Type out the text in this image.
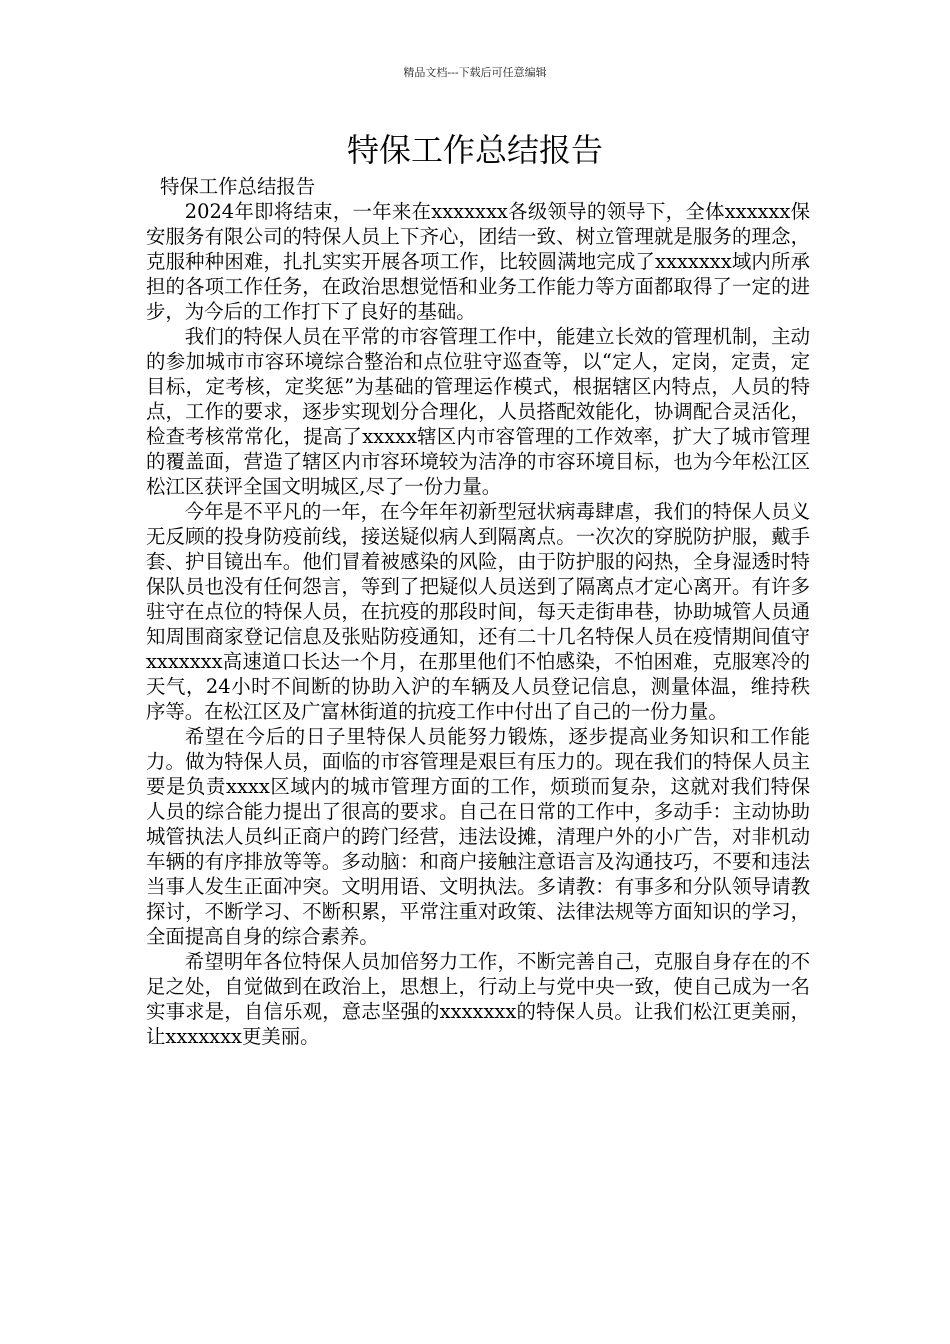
精品文档---下载后可任意编辑
特保工作总结报告

特保工作总结报告

2024年即将结束，一年来在xxxxxxx各级领导的领导下，全体xxxxxx保安服务有限公司的特保人员上下齐心，团结一致、树立管理就是服务的理念，克服种种困难，扎扎实实开展各项工作，比较圆满地完成了xxxxxxx域内所承担的各项工作任务，在政治思想觉悟和业务工作能力等方面都取得了一定的进步，为今后的工作打下了良好的基础。

我们的特保人员在平常的市容管理工作中，能建立长效的管理机制，主动的参加城市市容环境综合整治和点位驻守巡查等，以“定人，定岗，定责，定目标，定考核，定奖惩”为基础的管理运作模式，根据辖区内特点，人员的特点，工作的要求，逐步实现划分合理化，人员搭配效能化，协调配合灵活化，检查考核常常化，提高了xxxxx辖区内市容管理的工作效率，扩大了城市管理的覆盖面，营造了辖区内市容环境较为洁净的市容环境目标，也为今年松江区松江区获评全国文明城区,尽了一份力量。

今年是不平凡的一年，在今年年初新型冠状病毒肆虐，我们的特保人员义无反顾的投身防疫前线，接送疑似病人到隔离点。一次次的穿脱防护服，戴手套、护目镜出车。他们冒着被感染的风险，由于防护服的闷热，全身湿透时特保队员也没有任何怨言，等到了把疑似人员送到了隔离点才定心离开。有许多驻守在点位的特保人员，在抗疫的那段时间，每天走街串巷，协助城管人员通知周围商家登记信息及张贴防疫通知，还有二十几名特保人员在疫情期间值守xxxxxxx高速道口长达一个月，在那里他们不怕感染，不怕困难，克服寒冷的天气，24小时不间断的协助入沪的车辆及人员登记信息，测量体温，维持秩序等。在松江区及广富林街道的抗疫工作中付出了自己的一份力量。

希望在今后的日子里特保人员能努力锻炼，逐步提高业务知识和工作能力。做为特保人员，面临的市容管理是艰巨有压力的。现在我们的特保人员主要是负责xxxx区域内的城市管理方面的工作，烦琐而复杂，这就对我们特保人员的综合能力提出了很高的要求。自己在日常的工作中，多动手：主动协助城管执法人员纠正商户的跨门经营，违法设摊，清理户外的小广告，对非机动车辆的有序排放等等。多动脑：和商户接触注意语言及沟通技巧，不要和违法当事人发生正面冲突。文明用语、文明执法。多请教：有事多和分队领导请教探讨，不断学习、不断积累，平常注重对政策、法律法规等方面知识的学习，全面提高自身的综合素养。

希望明年各位特保人员加倍努力工作，不断完善自己，克服自身存在的不足之处，自觉做到在政治上，思想上，行动上与党中央一致，使自己成为一名实事求是，自信乐观，意志坚强的xxxxxxx的特保人员。让我们松江更美丽，让xxxxxxx更美丽。
